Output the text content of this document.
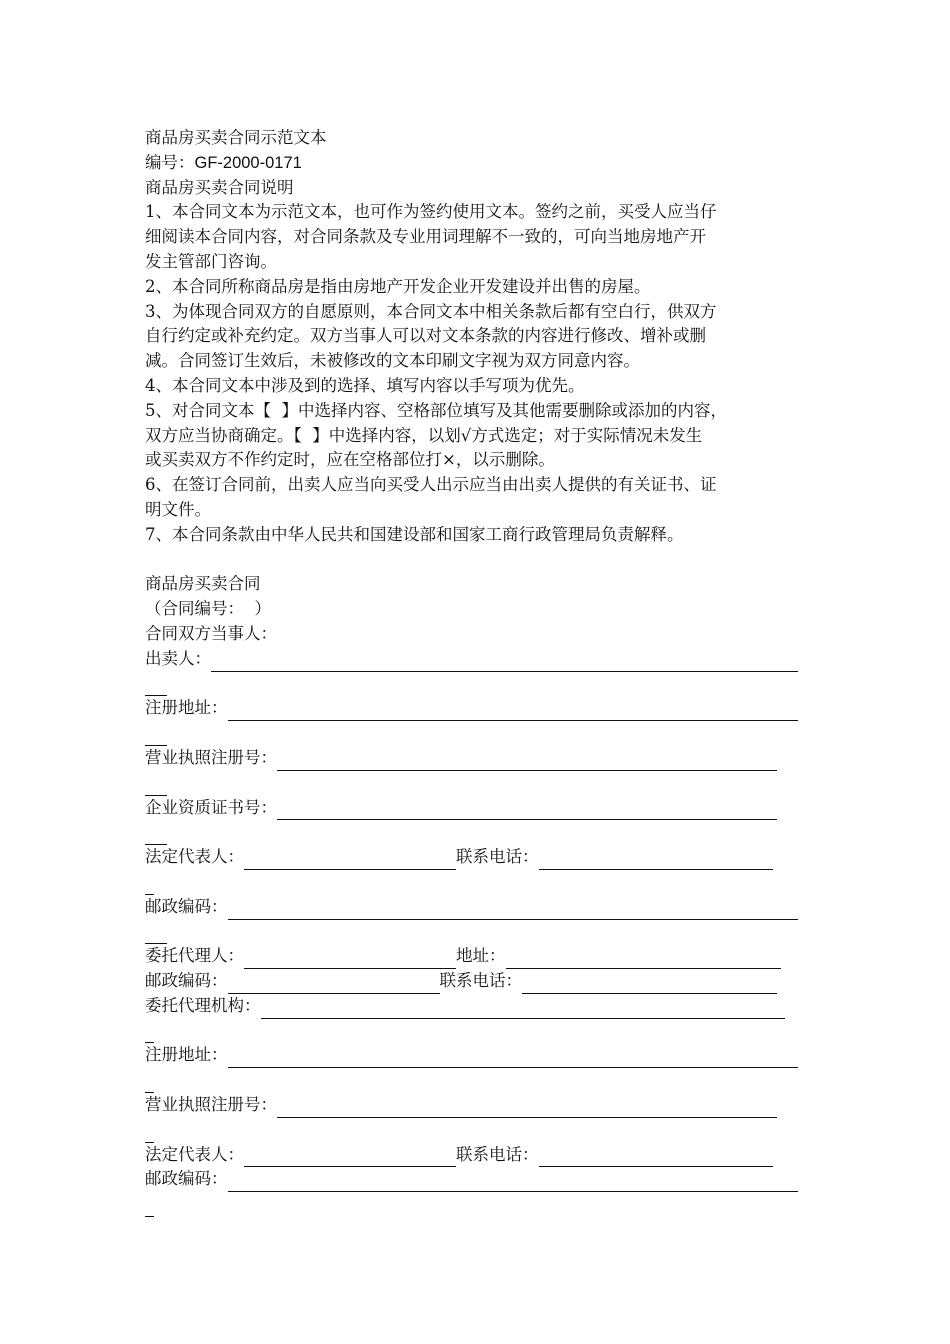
商品房买卖合同示范文本
编号：GF-2000-0171
商品房买卖合同说明
1、本合同文本为示范文本，也可作为签约使用文本。签约之前，买受人应当仔
细阅读本合同内容，对合同条款及专业用词理解不一致的，可向当地房地产开
发主管部门咨询。
2、本合同所称商品房是指由房地产开发企业开发建设并出售的房屋。
3、为体现合同双方的自愿原则，本合同文本中相关条款后都有空白行，供双方
自行约定或补充约定。双方当事人可以对文本条款的内容进行修改、增补或删
减。合同签订生效后，未被修改的文本印刷文字视为双方同意内容。
4、本合同文本中涉及到的选择、填写内容以手写项为优先。
5、对合同文本【  】中选择内容、空格部位填写及其他需要删除或添加的内容，
双方应当协商确定。【  】中选择内容，以划√方式选定；对于实际情况未发生
或买卖双方不作约定时，应在空格部位打×，以示删除。
6、在签订合同前，出卖人应当向买受人出示应当由出卖人提供的有关证书、证
明文件。
7、本合同条款由中华人民共和国建设部和国家工商行政管理局负责解释。
商品房买卖合同
（合同编号：  ）
合同双方当事人：
出卖人：
注册地址：
营业执照注册号：
企业资质证书号：
法定代表人：	联系电话：
邮政编码：
委托代理人：	地址：
邮政编码：	联系电话：
委托代理机构：
注册地址：
营业执照注册号：
法定代表人：	联系电话：
邮政编码：
